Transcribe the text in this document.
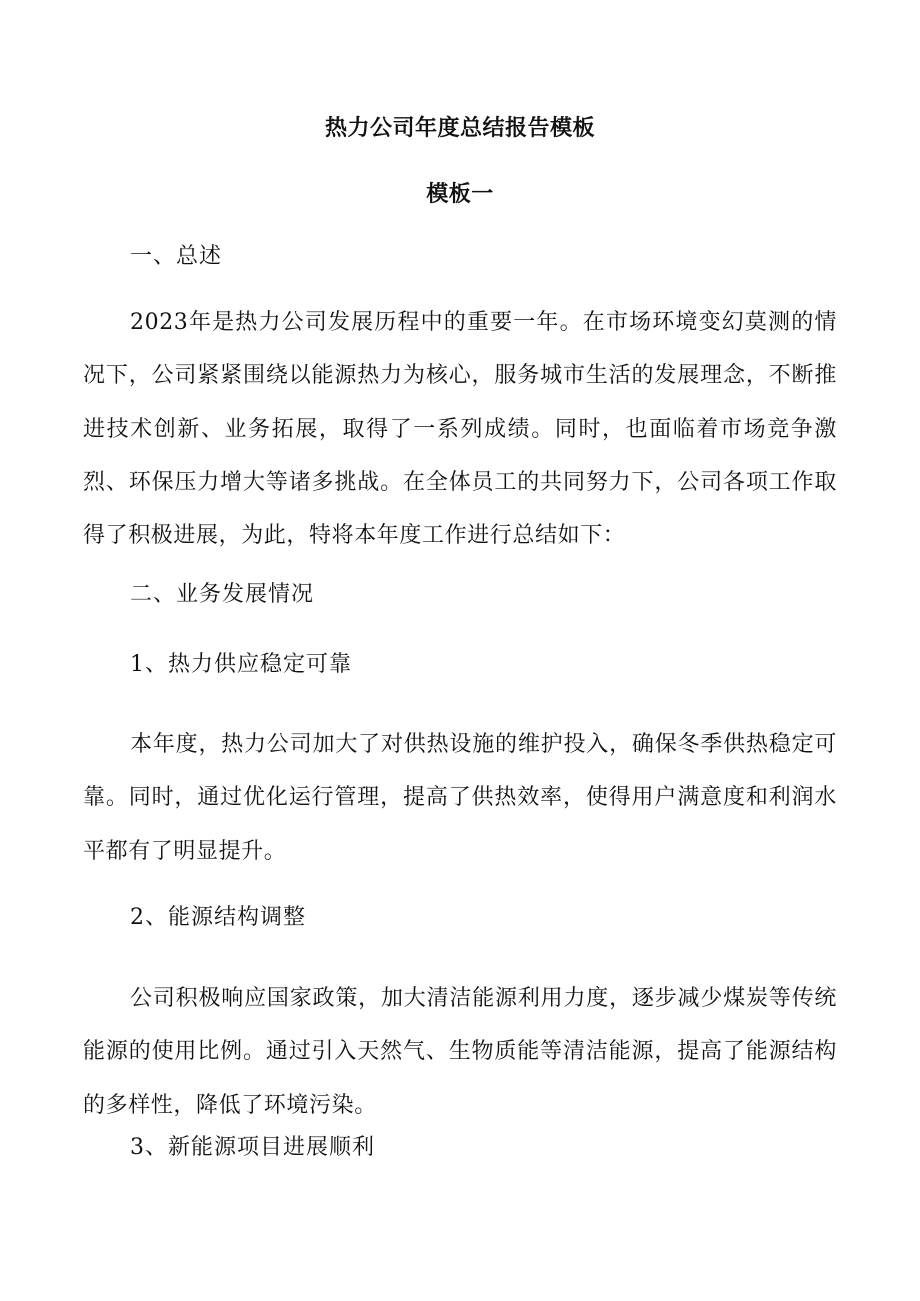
热力公司年度总结报告模板
模板一
一、总述
2023年是热力公司发展历程中的重要一年。在市场环境变幻莫测的情况下，公司紧紧围绕以能源热力为核心，服务城市生活的发展理念，不断推进技术创新、业务拓展，取得了一系列成绩。同时，也面临着市场竞争激烈、环保压力增大等诸多挑战。在全体员工的共同努力下，公司各项工作取得了积极进展，为此，特将本年度工作进行总结如下：
二、业务发展情况
1、热力供应稳定可靠
本年度，热力公司加大了对供热设施的维护投入，确保冬季供热稳定可靠。同时，通过优化运行管理，提高了供热效率，使得用户满意度和利润水平都有了明显提升。
2、能源结构调整
公司积极响应国家政策，加大清洁能源利用力度，逐步减少煤炭等传统能源的使用比例。通过引入天然气、生物质能等清洁能源，提高了能源结构的多样性，降低了环境污染。
3、新能源项目进展顺利
